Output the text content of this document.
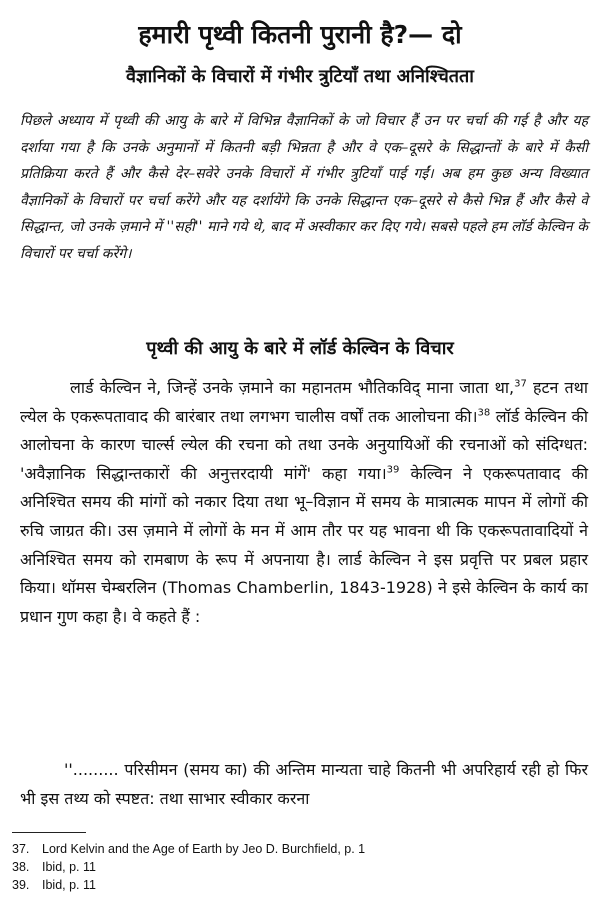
हमारी पृथ्वी कितनी पुरानी है?— दो
वैज्ञानिकों के विचारों में गंभीर त्रुटियाँ तथा अनिश्चितता

पिछले अध्याय में पृथ्वी की आयु के बारे में विभिन्न वैज्ञानिकों के जो विचार हैं उन पर चर्चा की गई है और यह दर्शाया गया है कि उनके अनुमानों में कितनी बड़ी भिन्नता है और वे एक–दूसरे के सिद्धान्तों के बारे में कैसी प्रतिक्रिया करते हैं और कैसे देर–सवेरे उनके विचारों में गंभीर त्रुटियाँ पाई गईं। अब हम कुछ अन्य विख्यात वैज्ञानिकों के विचारों पर चर्चा करेंगे और यह दर्शायेंगे कि उनके सिद्धान्त एक–दूसरे से कैसे भिन्न हैं और कैसे वे सिद्धान्त, जो उनके ज़माने में ''सही'' माने गये थे, बाद में अस्वीकार कर दिए गये। सबसे पहले हम लॉर्ड केल्विन के विचारों पर चर्चा करेंगे।

पृथ्वी की आयु के बारे में लॉर्ड केल्विन के विचार

लार्ड केल्विन ने, जिन्हें उनके ज़माने का महानतम भौतिकविद् माना जाता था,$^{37}$ हटन तथा ल्येल के एकरूपतावाद की बारंबार तथा लगभग चालीस वर्षों तक आलोचना की।$^{38}$ लॉर्ड केल्विन की आलोचना के कारण चार्ल्स ल्येल की रचना को तथा उनके अनुयायिओं की रचनाओं को संदिग्धत: 'अवैज्ञानिक सिद्धान्तकारों की अनुत्तरदायी मांगें' कहा गया।$^{39}$ केल्विन ने एकरूपतावाद की अनिश्चित समय की मांगों को नकार दिया तथा भू–विज्ञान में समय के मात्रात्मक मापन में लोगों की रुचि जाग्रत की। उस ज़माने में लोगों के मन में आम तौर पर यह भावना थी कि एकरूपतावादियों ने अनिश्चित समय को रामबाण के रूप में अपनाया है। लार्ड केल्विन ने इस प्रवृत्ति पर प्रबल प्रहार किया। थॉमस चेम्बरलिन (Thomas Chamberlin, 1843-1928) ने इसे केल्विन के कार्य का प्रधान गुण कहा है। वे कहते हैं :

''......... परिसीमन (समय का) की अन्तिम मान्यता चाहे कितनी भी अपरिहार्य रही हो फिर भी इस तथ्य को स्पष्टत: तथा साभार स्वीकार करना

37.	Lord Kelvin and the Age of Earth by Jeo D. Burchfield, p. 1
38.	Ibid, p. 11
39.	Ibid, p. 11
